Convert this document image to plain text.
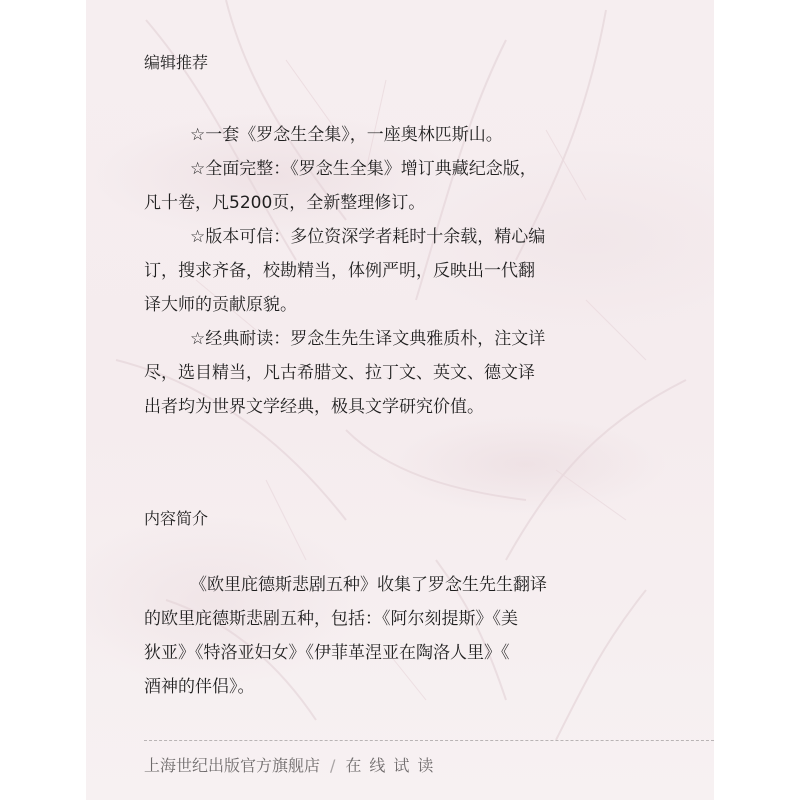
编辑推荐
☆一套《罗念生全集》，一座奥林匹斯山。
☆全面完整：《罗念生全集》增订典藏纪念版，
凡十卷，凡5200页，全新整理修订。
☆版本可信：多位资深学者耗时十余载，精心编
订，搜求齐备，校勘精当，体例严明，反映出一代翻
译大师的贡献原貌。
☆经典耐读：罗念生先生译文典雅质朴，注文详
尽，选目精当，凡古希腊文、拉丁文、英文、德文译
出者均为世界文学经典，极具文学研究价值。
内容简介
《欧里庇德斯悲剧五种》收集了罗念生先生翻译
的欧里庇德斯悲剧五种，包括：《阿尔刻提斯》《美
狄亚》《特洛亚妇女》《伊菲革涅亚在陶洛人里》《
酒神的伴侣》。
上海世纪出版官方旗舰店 / 在线试读
